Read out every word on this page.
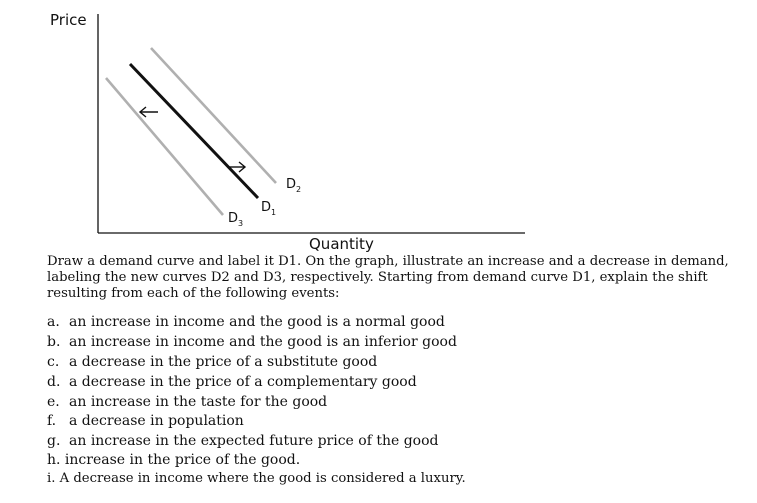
Price
Quantity
$D_2$
$D_1$
$D_3$

Draw a demand curve and label it D1. On the graph, illustrate an increase and a decrease in demand, labeling the new curves D2 and D3, respectively. Starting from demand curve D1, explain the shift resulting from each of the following events:

a. an increase in income and the good is a normal good
b. an increase in income and the good is an inferior good
c. a decrease in the price of a substitute good
d. a decrease in the price of a complementary good
e. an increase in the taste for the good
f. a decrease in population
g. an increase in the expected future price of the good
h. increase in the price of the good.
i. A decrease in income where the good is considered a luxury.
